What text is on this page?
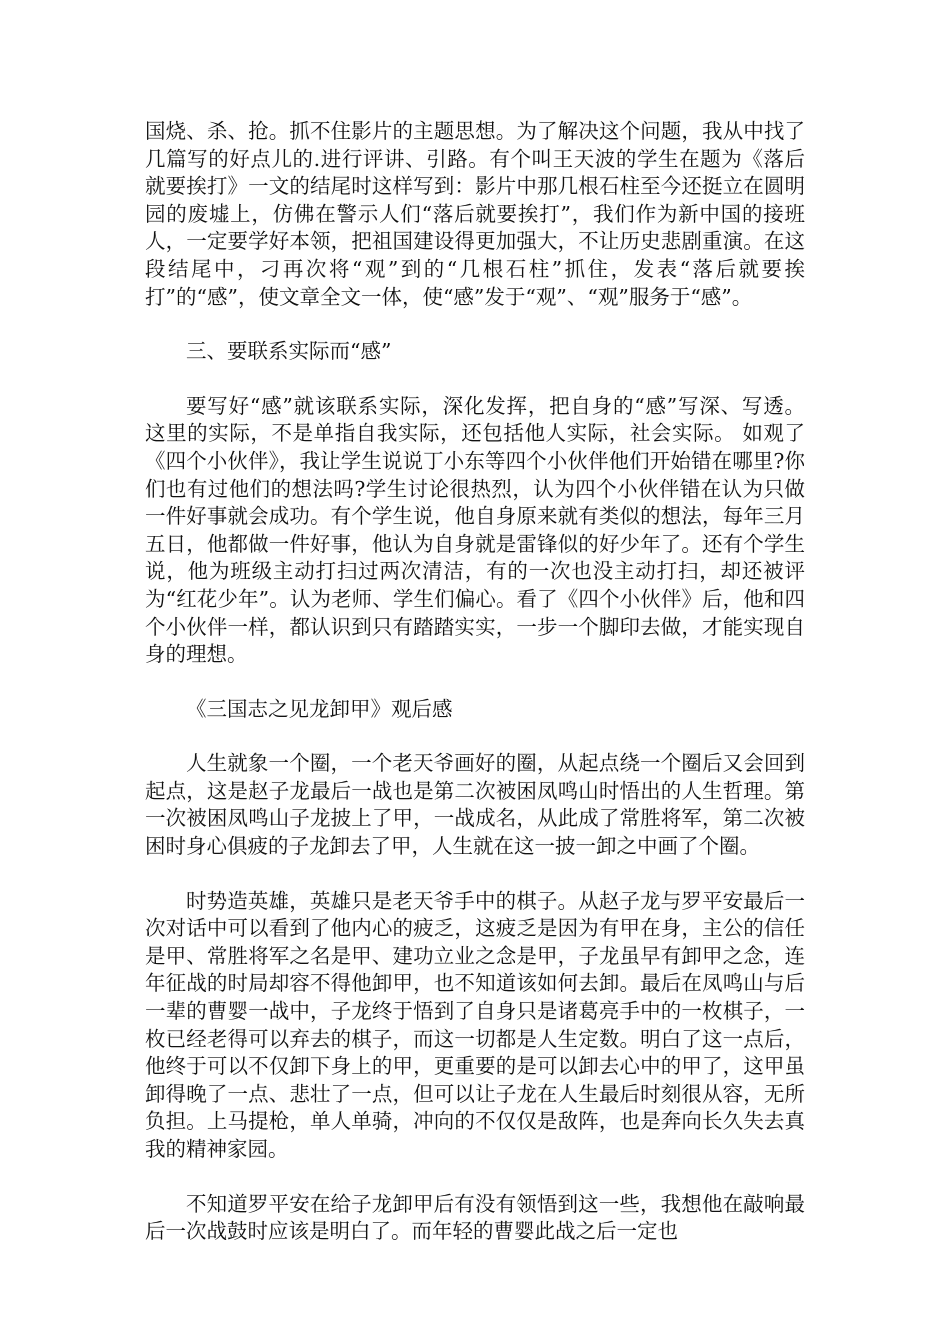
国烧、杀、抢。抓不住影片的主题思想。为了解决这个问题，我从中找了几篇写的好点儿的.进行评讲、引路。有个叫王天波的学生在题为《落后就要挨打》一文的结尾时这样写到：影片中那几根石柱至今还挺立在圆明园的废墟上，仿佛在警示人们“落后就要挨打”，我们作为新中国的接班人，一定要学好本领，把祖国建设得更加强大，不让历史悲剧重演。在这段结尾中，刁再次将“观”到的“几根石柱”抓住，发表“落后就要挨打”的“感”，使文章全文一体，使“感”发于“观”、“观”服务于“感”。

三、要联系实际而“感”

要写好“感”就该联系实际，深化发挥，把自身的“感”写深、写透。 这里的实际，不是单指自我实际，还包括他人实际，社会实际。 如观了《四个小伙伴》，我让学生说说丁小东等四个小伙伴他们开始错在哪里?你们也有过他们的想法吗?学生讨论很热烈，认为四个小伙伴错在认为只做一件好事就会成功。有个学生说，他自身原来就有类似的想法，每年三月五日，他都做一件好事，他认为自身就是雷锋似的好少年了。还有个学生说，他为班级主动打扫过两次清洁，有的一次也没主动打扫，却还被评为“红花少年”。认为老师、学生们偏心。看了《四个小伙伴》后，他和四个小伙伴一样，都认识到只有踏踏实实，一步一个脚印去做，才能实现自身的理想。

《三国志之见龙卸甲》观后感

人生就象一个圈，一个老天爷画好的圈，从起点绕一个圈后又会回到起点，这是赵子龙最后一战也是第二次被困凤鸣山时悟出的人生哲理。第一次被困凤鸣山子龙披上了甲，一战成名，从此成了常胜将军，第二次被困时身心俱疲的子龙卸去了甲，人生就在这一披一卸之中画了个圈。

时势造英雄，英雄只是老天爷手中的棋子。从赵子龙与罗平安最后一次对话中可以看到了他内心的疲乏，这疲乏是因为有甲在身，主公的信任是甲、常胜将军之名是甲、建功立业之念是甲，子龙虽早有卸甲之念，连年征战的时局却容不得他卸甲，也不知道该如何去卸。最后在凤鸣山与后一辈的曹婴一战中，子龙终于悟到了自身只是诸葛亮手中的一枚棋子，一枚已经老得可以弃去的棋子，而这一切都是人生定数。明白了这一点后，他终于可以不仅卸下身上的甲，更重要的是可以卸去心中的甲了，这甲虽卸得晚了一点、悲壮了一点，但可以让子龙在人生最后时刻很从容，无所负担。上马提枪，单人单骑，冲向的不仅仅是敌阵，也是奔向长久失去真我的精神家园。

不知道罗平安在给子龙卸甲后有没有领悟到这一些，我想他在敲响最后一次战鼓时应该是明白了。而年轻的曹婴此战之后一定也
